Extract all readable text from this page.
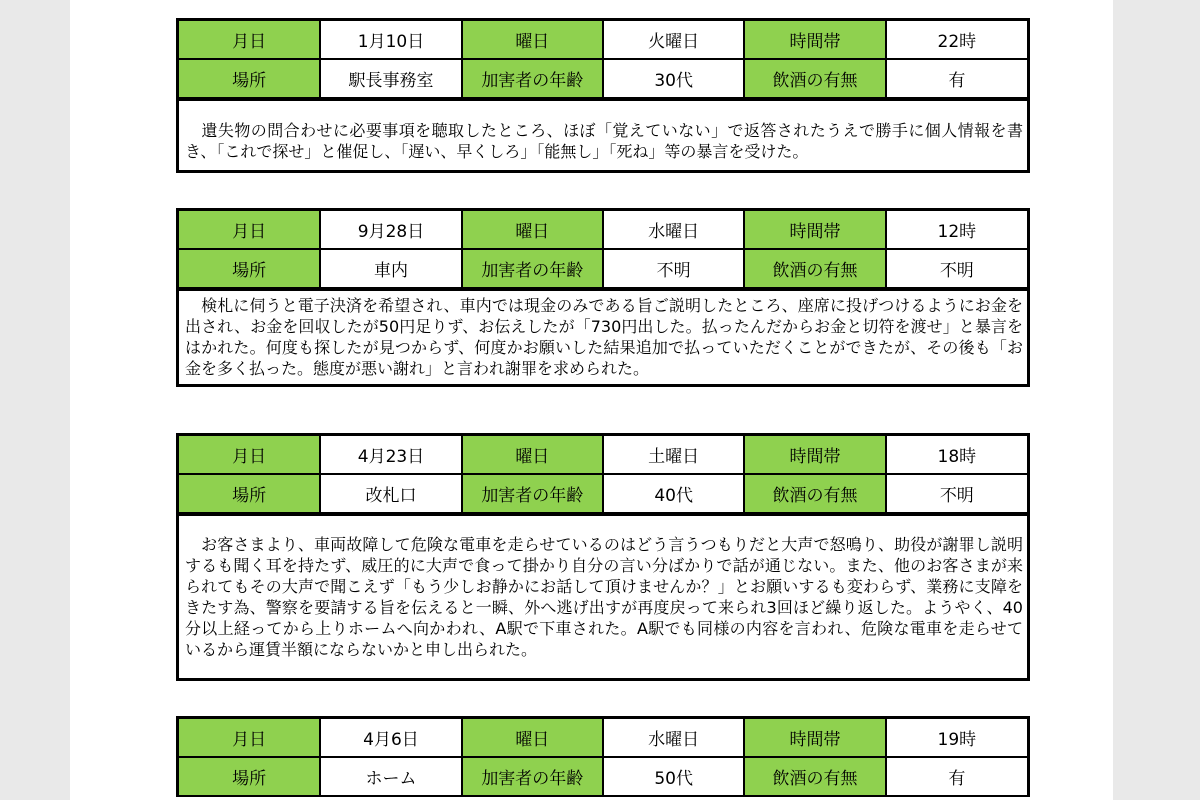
月日	1月10日	曜日	火曜日	時間帯	22時
場所	駅長事務室	加害者の年齢	30代	飲酒の有無	有
　遺失物の問合わせに必要事項を聴取したところ、ほぼ「覚えていない」で返答されたうえで勝手に個人情報を書き、「これで探せ」と催促し、「遅い、早くしろ」「能無し」「死ね」等の暴言を受けた。
月日	9月28日	曜日	水曜日	時間帯	12時
場所	車内	加害者の年齢	不明	飲酒の有無	不明
　検札に伺うと電子決済を希望され、車内では現金のみである旨ご説明したところ、座席に投げつけるようにお金を出され、お金を回収したが50円足りず、お伝えしたが「730円出した。払ったんだからお金と切符を渡せ」と暴言をはかれた。何度も探したが見つからず、何度かお願いした結果追加で払っていただくことができたが、その後も「お金を多く払った。態度が悪い謝れ」と言われ謝罪を求められた。
月日	4月23日	曜日	土曜日	時間帯	18時
場所	改札口	加害者の年齢	40代	飲酒の有無	不明
　お客さまより、車両故障して危険な電車を走らせているのはどう言うつもりだと大声で怒鳴り、助役が謝罪し説明するも聞く耳を持たず、威圧的に大声で食って掛かり自分の言い分ばかりで話が通じない。また、他のお客さまが来られてもその大声で聞こえず「もう少しお静かにお話して頂けませんか？」とお願いするも変わらず、業務に支障をきたす為、警察を要請する旨を伝えると一瞬、外へ逃げ出すが再度戻って来られ3回ほど繰り返した。ようやく、40分以上経ってから上りホームへ向かわれ、A駅で下車された。A駅でも同様の内容を言われ、危険な電車を走らせているから運賃半額にならないかと申し出られた。
月日	4月6日	曜日	水曜日	時間帯	19時
場所	ホーム	加害者の年齢	50代	飲酒の有無	有
